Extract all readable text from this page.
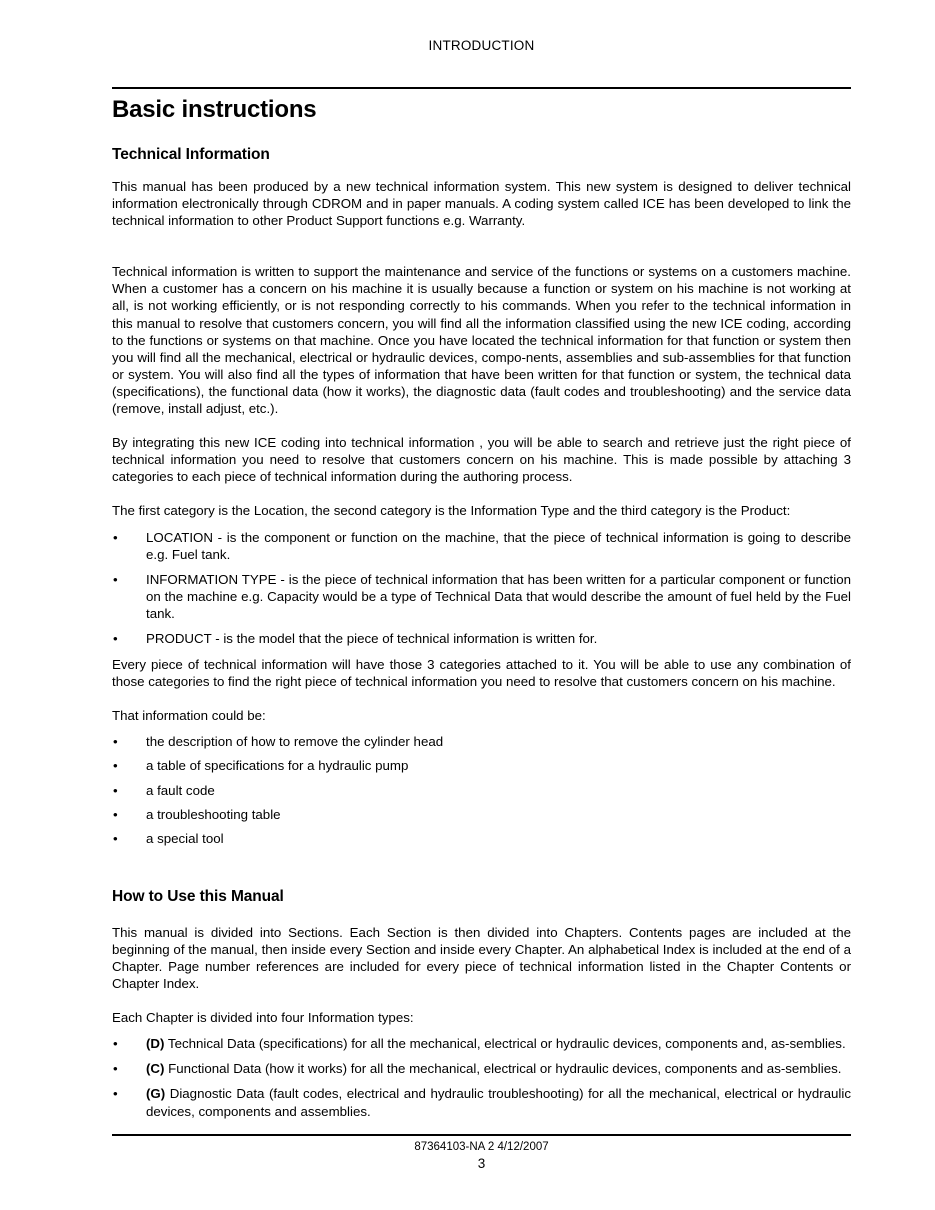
INTRODUCTION
Basic instructions
Technical Information

This manual has been produced by a new technical information system. This new system is designed to deliver technical information electronically through CDROM and in paper manuals. A coding system called ICE has been developed to link the technical information to other Product Support functions e.g. Warranty.

Technical information is written to support the maintenance and service of the functions or systems on a customers machine. When a customer has a concern on his machine it is usually because a function or system on his machine is not working at all, is not working efficiently, or is not responding correctly to his commands. When you refer to the technical information in this manual to resolve that customers concern, you will find all the information classified using the new ICE coding, according to the functions or systems on that machine. Once you have located the technical information for that function or system then you will find all the mechanical, electrical or hydraulic devices, compo-nents, assemblies and sub-assemblies for that function or system. You will also find all the types of information that have been written for that function or system, the technical data (specifications), the functional data (how it works), the diagnostic data (fault codes and troubleshooting) and the service data (remove, install adjust, etc.).

By integrating this new ICE coding into technical information , you will be able to search and retrieve just the right piece of technical information you need to resolve that customers concern on his machine. This is made possible by attaching 3 categories to each piece of technical information during the authoring process.

The first category is the Location, the second category is the Information Type and the third category is the Product:

•	LOCATION - is the component or function on the machine, that the piece of technical information is going to describe e.g. Fuel tank.
•	INFORMATION TYPE - is the piece of technical information that has been written for a particular component or function on the machine e.g. Capacity would be a type of Technical Data that would describe the amount of fuel held by the Fuel tank.
•	PRODUCT - is the model that the piece of technical information is written for.

Every piece of technical information will have those 3 categories attached to it. You will be able to use any combination of those categories to find the right piece of technical information you need to resolve that customers concern on his machine.

That information could be:

•	the description of how to remove the cylinder head
•	a table of specifications for a hydraulic pump
•	a fault code
•	a troubleshooting table
•	a special tool
How to Use this Manual

This manual is divided into Sections. Each Section is then divided into Chapters. Contents pages are included at the beginning of the manual, then inside every Section and inside every Chapter. An alphabetical Index is included at the end of a Chapter. Page number references are included for every piece of technical information listed in the Chapter Contents or Chapter Index.

Each Chapter is divided into four Information types:

•	(D) Technical Data (specifications) for all the mechanical, electrical or hydraulic devices, components and, as-semblies.
•	(C) Functional Data (how it works) for all the mechanical, electrical or hydraulic devices, components and as-semblies.
•	(G) Diagnostic Data (fault codes, electrical and hydraulic troubleshooting) for all the mechanical, electrical or hydraulic devices, components and assemblies.
87364103-NA 2 4/12/2007
3
